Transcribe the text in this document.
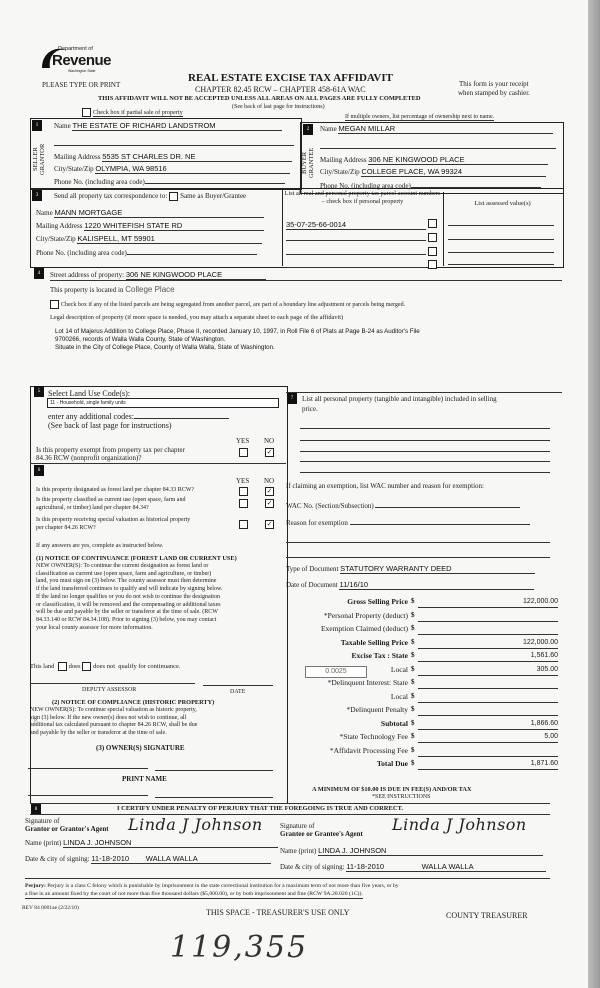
Department of
Revenue
Washington State
PLEASE TYPE OR PRINT
REAL ESTATE EXCISE TAX AFFIDAVIT
CHAPTER 82.45 RCW – CHAPTER 458-61A WAC
THIS AFFIDAVIT WILL NOT BE ACCEPTED UNLESS ALL AREAS ON ALL PAGES ARE FULLY COMPLETED
(See back of last page for instructions)
This form is your receipt
when stamped by cashier.
Check box if partial sale of property
If multiple owners, list percentage of ownership next to name.
1
SELLER GRANTOR
Name THE ESTATE OF RICHARD LANDSTROM
Mailing Address 5535 ST CHARLES DR. NE
City/State/Zip OLYMPIA, WA 98516
Phone No. (including area code)
2
BUYER GRANTEE
Name MEGAN MILLAR
Mailing Address 306 NE KINGWOOD PLACE
City/State/Zip COLLEGE PLACE, WA 99324
Phone No. (including area code)
3	Send all property tax correspondence to: Same as Buyer/Grantee
Name MANN MORTGAGE
Mailing Address 1220 WHITEFISH STATE RD
City/State/Zip KALISPELL, MT 59901
Phone No. (including area code)
List all real and personal property tax parcel account numbers – check box if personal property	List assessed value(s)
35-07-25-66-0014
4	Street address of property: 306 NE KINGWOOD PLACE
This property is located in College Place
Check box if any of the listed parcels are being segregated from another parcel, are part of a boundary line adjustment or parcels being merged.
Legal description of property (if more space is needed, you may attach a separate sheet to each page of the affidavit)
Lot 14 of Majerus Addition to College Place, Phase II, recorded January 10, 1997, in Roll File 6 of Plats at Page B-24 as Auditor's File
9700266, records of Walla Walla County, State of Washington.
Situate in the City of College Place, County of Walla Walla, State of Washington.
5 Select Land Use Code(s):
11 - Household, single family units
enter any additional codes:
(See back of last page for instructions)
YES NO
Is this property exempt from property tax per chapter
84.36 RCW (nonprofit organization)?
✓
6
YES NO
Is this property designated as forest land per chapter 84.33 RCW?	✓
Is this property classified as current use (open space, farm and
agricultural, or timber) land per chapter 84.34?
✓
Is this property receiving special valuation as historical property
per chapter 84.26 RCW?	✓
If any answers are yes, complete as instructed below.
(1) NOTICE OF CONTINUANCE (FOREST LAND OR CURRENT USE)
NEW OWNER(S): To continue the current designation as forest land or
classification as current use (open space, farm and agriculture, or timber)
land, you must sign on (3) below. The county assessor must then determine
if the land transferred continues to qualify and will indicate by signing below.
If the land no longer qualifies or you do not wish to continue the designation
or classification, it will be removed and the compensating or additional taxes
will be due and payable by the seller or transferor at the time of sale. (RCW
84.33.140 or RCW 84.34.108). Prior to signing (3) below, you may contact
your local county assessor for more information.
This land does does not qualify for continuance.
DEPUTY ASSESSOR	DATE
(2) NOTICE OF COMPLIANCE (HISTORIC PROPERTY)
NEW OWNER(S): To continue special valuation as historic property,
sign (3) below. If the new owner(s) does not wish to continue, all
additional tax calculated pursuant to chapter 84.26 RCW, shall be due
and payable by the seller or transferor at the time of sale.
(3) OWNER(S) SIGNATURE
PRINT NAME
7	List all personal property (tangible and intangible) included in selling
price.
If claiming an exemption, list WAC number and reason for exemption:
WAC No. (Section/Subsection)
Reason for exemption
Type of Document STATUTORY WARRANTY DEED
Date of Document 11/16/10
0.0025
Gross Selling Price $	122,000.00
*Personal Property (deduct) $
Exemption Claimed (deduct) $
Taxable Selling Price $	122,000.00
Excise Tax : State $	1,561.60
Local $	305.00
*Delinquent Interest: State $
Local $
*Delinquent Penalty $
Subtotal $	1,866.60
*State Technology Fee $	5.00
*Affidavit Processing Fee $
Total Due $	1,871.60
A MINIMUM OF $10.00 IS DUE IN FEE(S) AND/OR TAX
*SEE INSTRUCTIONS
8	I CERTIFY UNDER PENALTY OF PERJURY THAT THE FOREGOING IS TRUE AND CORRECT.
Signature of
Grantor or Grantor's Agent Linda J Johnson
Name (print) LINDA J. JOHNSON
Date & city of signing: 11-18-2010 WALLA WALLA
Signature of
Grantee or Grantee's Agent Linda J Johnson
Name (print) LINDA J. JOHNSON
Date & city of signing: 11-18-2010	WALLA WALLA
Perjury: Perjury is a class C felony which is punishable by imprisonment in the state correctional institution for a maximum term of not more than five years, or by
a fine in an amount fixed by the court of not more than five thousand dollars ($5,000.00), or by both imprisonment and fine (RCW 9A.20.020 (1C)).
REV 84 0001ae (2/22/10)	THIS SPACE - TREASURER'S USE ONLY	COUNTY TREASURER
119,355
